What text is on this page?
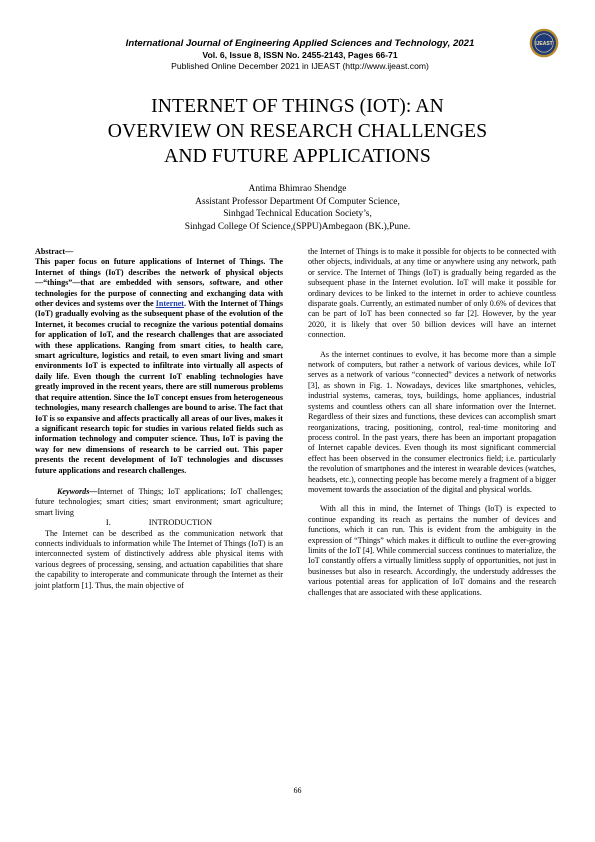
International Journal of Engineering Applied Sciences and Technology, 2021
Vol. 6, Issue 8, ISSN No. 2455-2143, Pages 66-71
Published Online December 2021 in IJEAST (http://www.ijeast.com)
IJEAST
INTERNET OF THINGS (IOT): AN
OVERVIEW ON RESEARCH CHALLENGES
AND FUTURE APPLICATIONS
Antima Bhimrao Shendge
Assistant Professor Department Of Computer Science,
Sinhgad Technical Education Society’s,
Sinhgad College Of Science,(SPPU)Ambegaon (BK.),Pune.

Abstract—
This paper focus on future applications of Internet of Things. The Internet of things (IoT) describes the network of physical objects—“things”—that are embedded with sensors, software, and other technologies for the purpose of connecting and exchanging data with other devices and systems over the Internet. With the Internet of Things (IoT) gradually evolving as the subsequent phase of the evolution of the Internet, it becomes crucial to recognize the various potential domains for application of IoT, and the research challenges that are associated with these applications. Ranging from smart cities, to health care, smart agriculture, logistics and retail, to even smart living and smart environments IoT is expected to infiltrate into virtually all aspects of daily life. Even though the current IoT enabling technologies have greatly improved in the recent years, there are still numerous problems that require attention. Since the IoT concept ensues from heterogeneous technologies, many research challenges are bound to arise. The fact that IoT is so expansive and affects practically all areas of our lives, makes it a significant research topic for studies in various related fields such as information technology and computer science. Thus, IoT is paving the way for new dimensions of research to be carried out. This paper presents the recent development of IoT technologies and discusses future applications and research challenges.

Keywords—Internet of Things; IoT applications; IoT challenges; future technologies; smart cities; smart environment; smart agriculture; smart living

I.	INTRODUCTION

The Internet can be described as the communication network that connects individuals to information while The Internet of Things (IoT) is an interconnected system of distinctively address able physical items with various degrees of processing, sensing, and actuation capabilities that share the capability to interoperate and communicate through the Internet as their joint platform [1]. Thus, the main objective of

the Internet of Things is to make it possible for objects to be connected with other objects, individuals, at any time or anywhere using any network, path or service. The Internet of Things (IoT) is gradually being regarded as the subsequent phase in the Internet evolution. IoT will make it possible for ordinary devices to be linked to the internet in order to achieve countless disparate goals. Currently, an estimated number of only 0.6% of devices that can be part of IoT has been connected so far [2]. However, by the year 2020, it is likely that over 50 billion devices will have an internet connection.

As the internet continues to evolve, it has become more than a simple network of computers, but rather a network of various devices, while IoT serves as a network of various “connected” devices a network of networks [3], as shown in Fig. 1. Nowadays, devices like smartphones, vehicles, industrial systems, cameras, toys, buildings, home appliances, industrial systems and countless others can all share information over the Internet. Regardless of their sizes and functions, these devices can accomplish smart reorganizations, tracing, positioning, control, real-time monitoring and process control. In the past years, there has been an important propagation of Internet capable devices. Even though its most significant commercial effect has been observed in the consumer electronics field; i.e. particularly the revolution of smartphones and the interest in wearable devices (watches, headsets, etc.), connecting people has become merely a fragment of a bigger movement towards the association of the digital and physical worlds.

With all this in mind, the Internet of Things (IoT) is expected to continue expanding its reach as pertains the number of devices and functions, which it can run. This is evident from the ambiguity in the expression of “Things” which makes it difficult to outline the ever-growing limits of the IoT [4]. While commercial success continues to materialize, the IoT constantly offers a virtually limitless supply of opportunities, not just in businesses but also in research. Accordingly, the understudy addresses the various potential areas for application of IoT domains and the research challenges that are associated with these applications.

66
